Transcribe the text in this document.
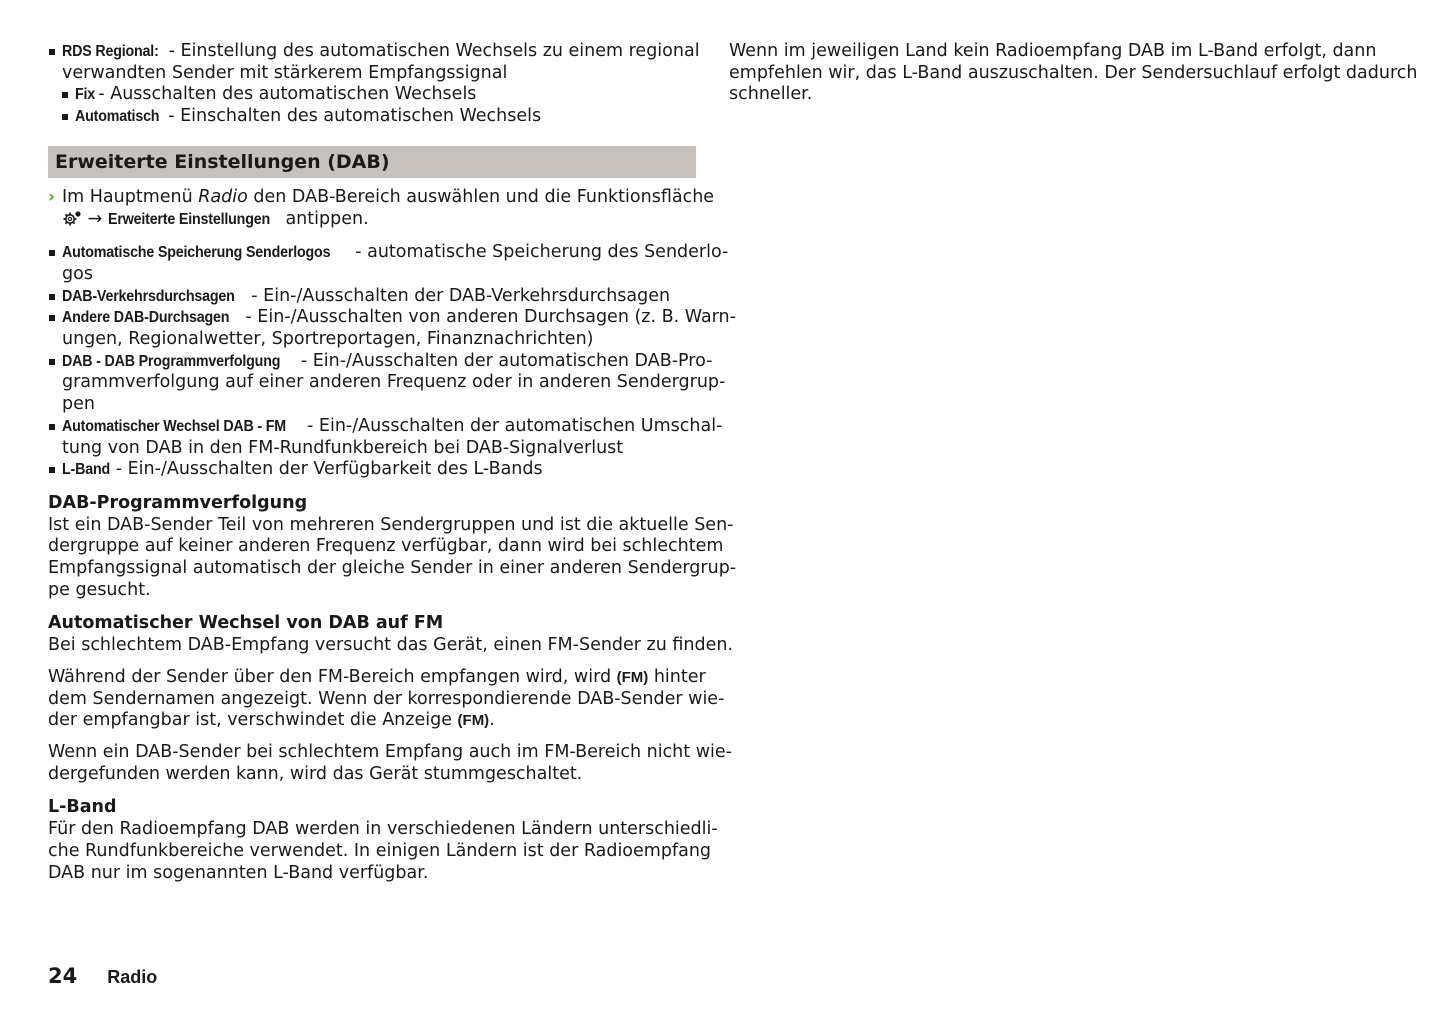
RDS Regional: - Einstellung des automatischen Wechsels zu einem regional
verwandten Sender mit stärkerem Empfangssignal
Fix - Ausschalten des automatischen Wechsels
Automatisch - Einschalten des automatischen Wechsels
Erweiterte Einstellungen (DAB)
› Im Hauptmenü Radio den DAB-Bereich auswählen und die Funktionsfläche
→ Erweiterte Einstellungen antippen.
Automatische Speicherung Senderlogos - automatische Speicherung des Senderlo-
gos
DAB-Verkehrsdurchsagen - Ein-/Ausschalten der DAB-Verkehrsdurchsagen
Andere DAB-Durchsagen - Ein-/Ausschalten von anderen Durchsagen (z. B. Warn-
ungen, Regionalwetter, Sportreportagen, Finanznachrichten)
DAB - DAB Programmverfolgung - Ein-/Ausschalten der automatischen DAB-Pro-
grammverfolgung auf einer anderen Frequenz oder in anderen Sendergrup-
pen
Automatischer Wechsel DAB - FM - Ein-/Ausschalten der automatischen Umschal-
tung von DAB in den FM-Rundfunkbereich bei DAB-Signalverlust
L-Band - Ein-/Ausschalten der Verfügbarkeit des L-Bands
DAB-Programmverfolgung
Ist ein DAB-Sender Teil von mehreren Sendergruppen und ist die aktuelle Sen-
dergruppe auf keiner anderen Frequenz verfügbar, dann wird bei schlechtem
Empfangssignal automatisch der gleiche Sender in einer anderen Sendergrup-
pe gesucht.
Automatischer Wechsel von DAB auf FM
Bei schlechtem DAB-Empfang versucht das Gerät, einen FM-Sender zu finden.
Während der Sender über den FM-Bereich empfangen wird, wird (FM) hinter
dem Sendernamen angezeigt. Wenn der korrespondierende DAB-Sender wie-
der empfangbar ist, verschwindet die Anzeige (FM).
Wenn ein DAB-Sender bei schlechtem Empfang auch im FM-Bereich nicht wie-
dergefunden werden kann, wird das Gerät stummgeschaltet.
L-Band
Für den Radioempfang DAB werden in verschiedenen Ländern unterschiedli-
che Rundfunkbereiche verwendet. In einigen Ländern ist der Radioempfang
DAB nur im sogenannten L-Band verfügbar.
Wenn im jeweiligen Land kein Radioempfang DAB im L-Band erfolgt, dann
empfehlen wir, das L-Band auszuschalten. Der Sendersuchlauf erfolgt dadurch
schneller.
24 Radio
